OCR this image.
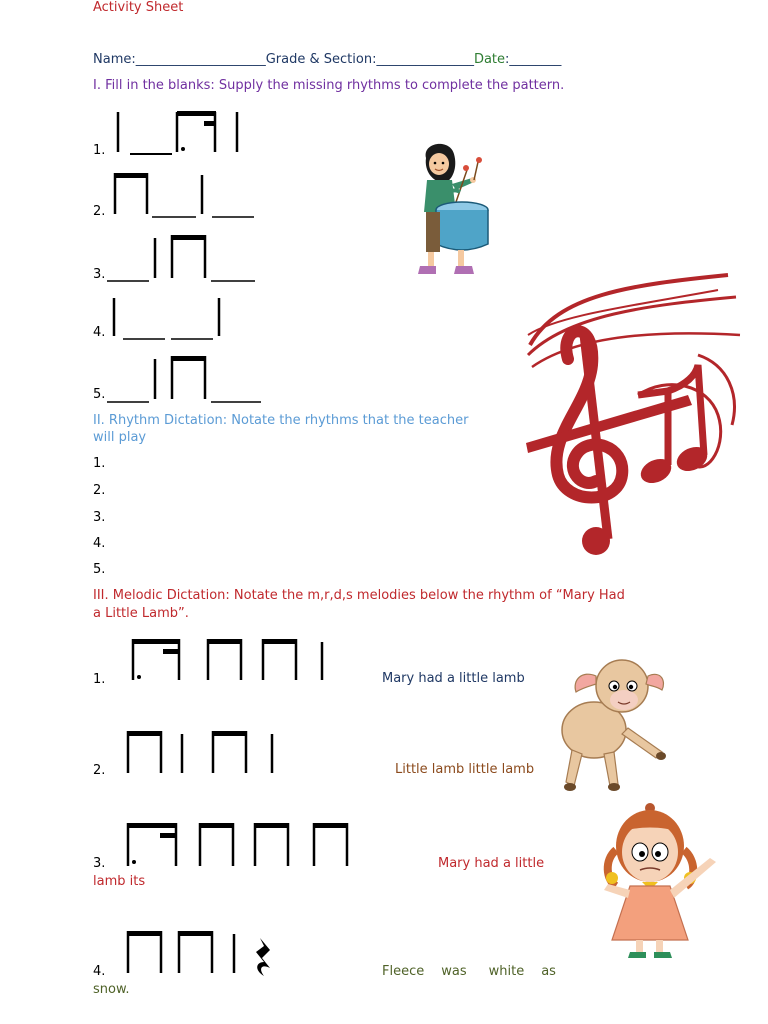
Activity Sheet
Name:____________________Grade & Section:_______________Date:________
I. Fill in the blanks: Supply the missing rhythms to complete the pattern.
1.
2.
3.
4.
5.
II. Rhythm Dictation: Notate the rhythms that the teacher
will play
1.
2.
3.
4.
5.
III. Melodic Dictation: Notate the m,r,d,s melodies below the rhythm of “Mary Had
a Little Lamb”.
1.	Mary had a little lamb
2.	Little lamb little lamb
3.	Mary had a little
lamb its
4.	Fleece was white as
snow.
